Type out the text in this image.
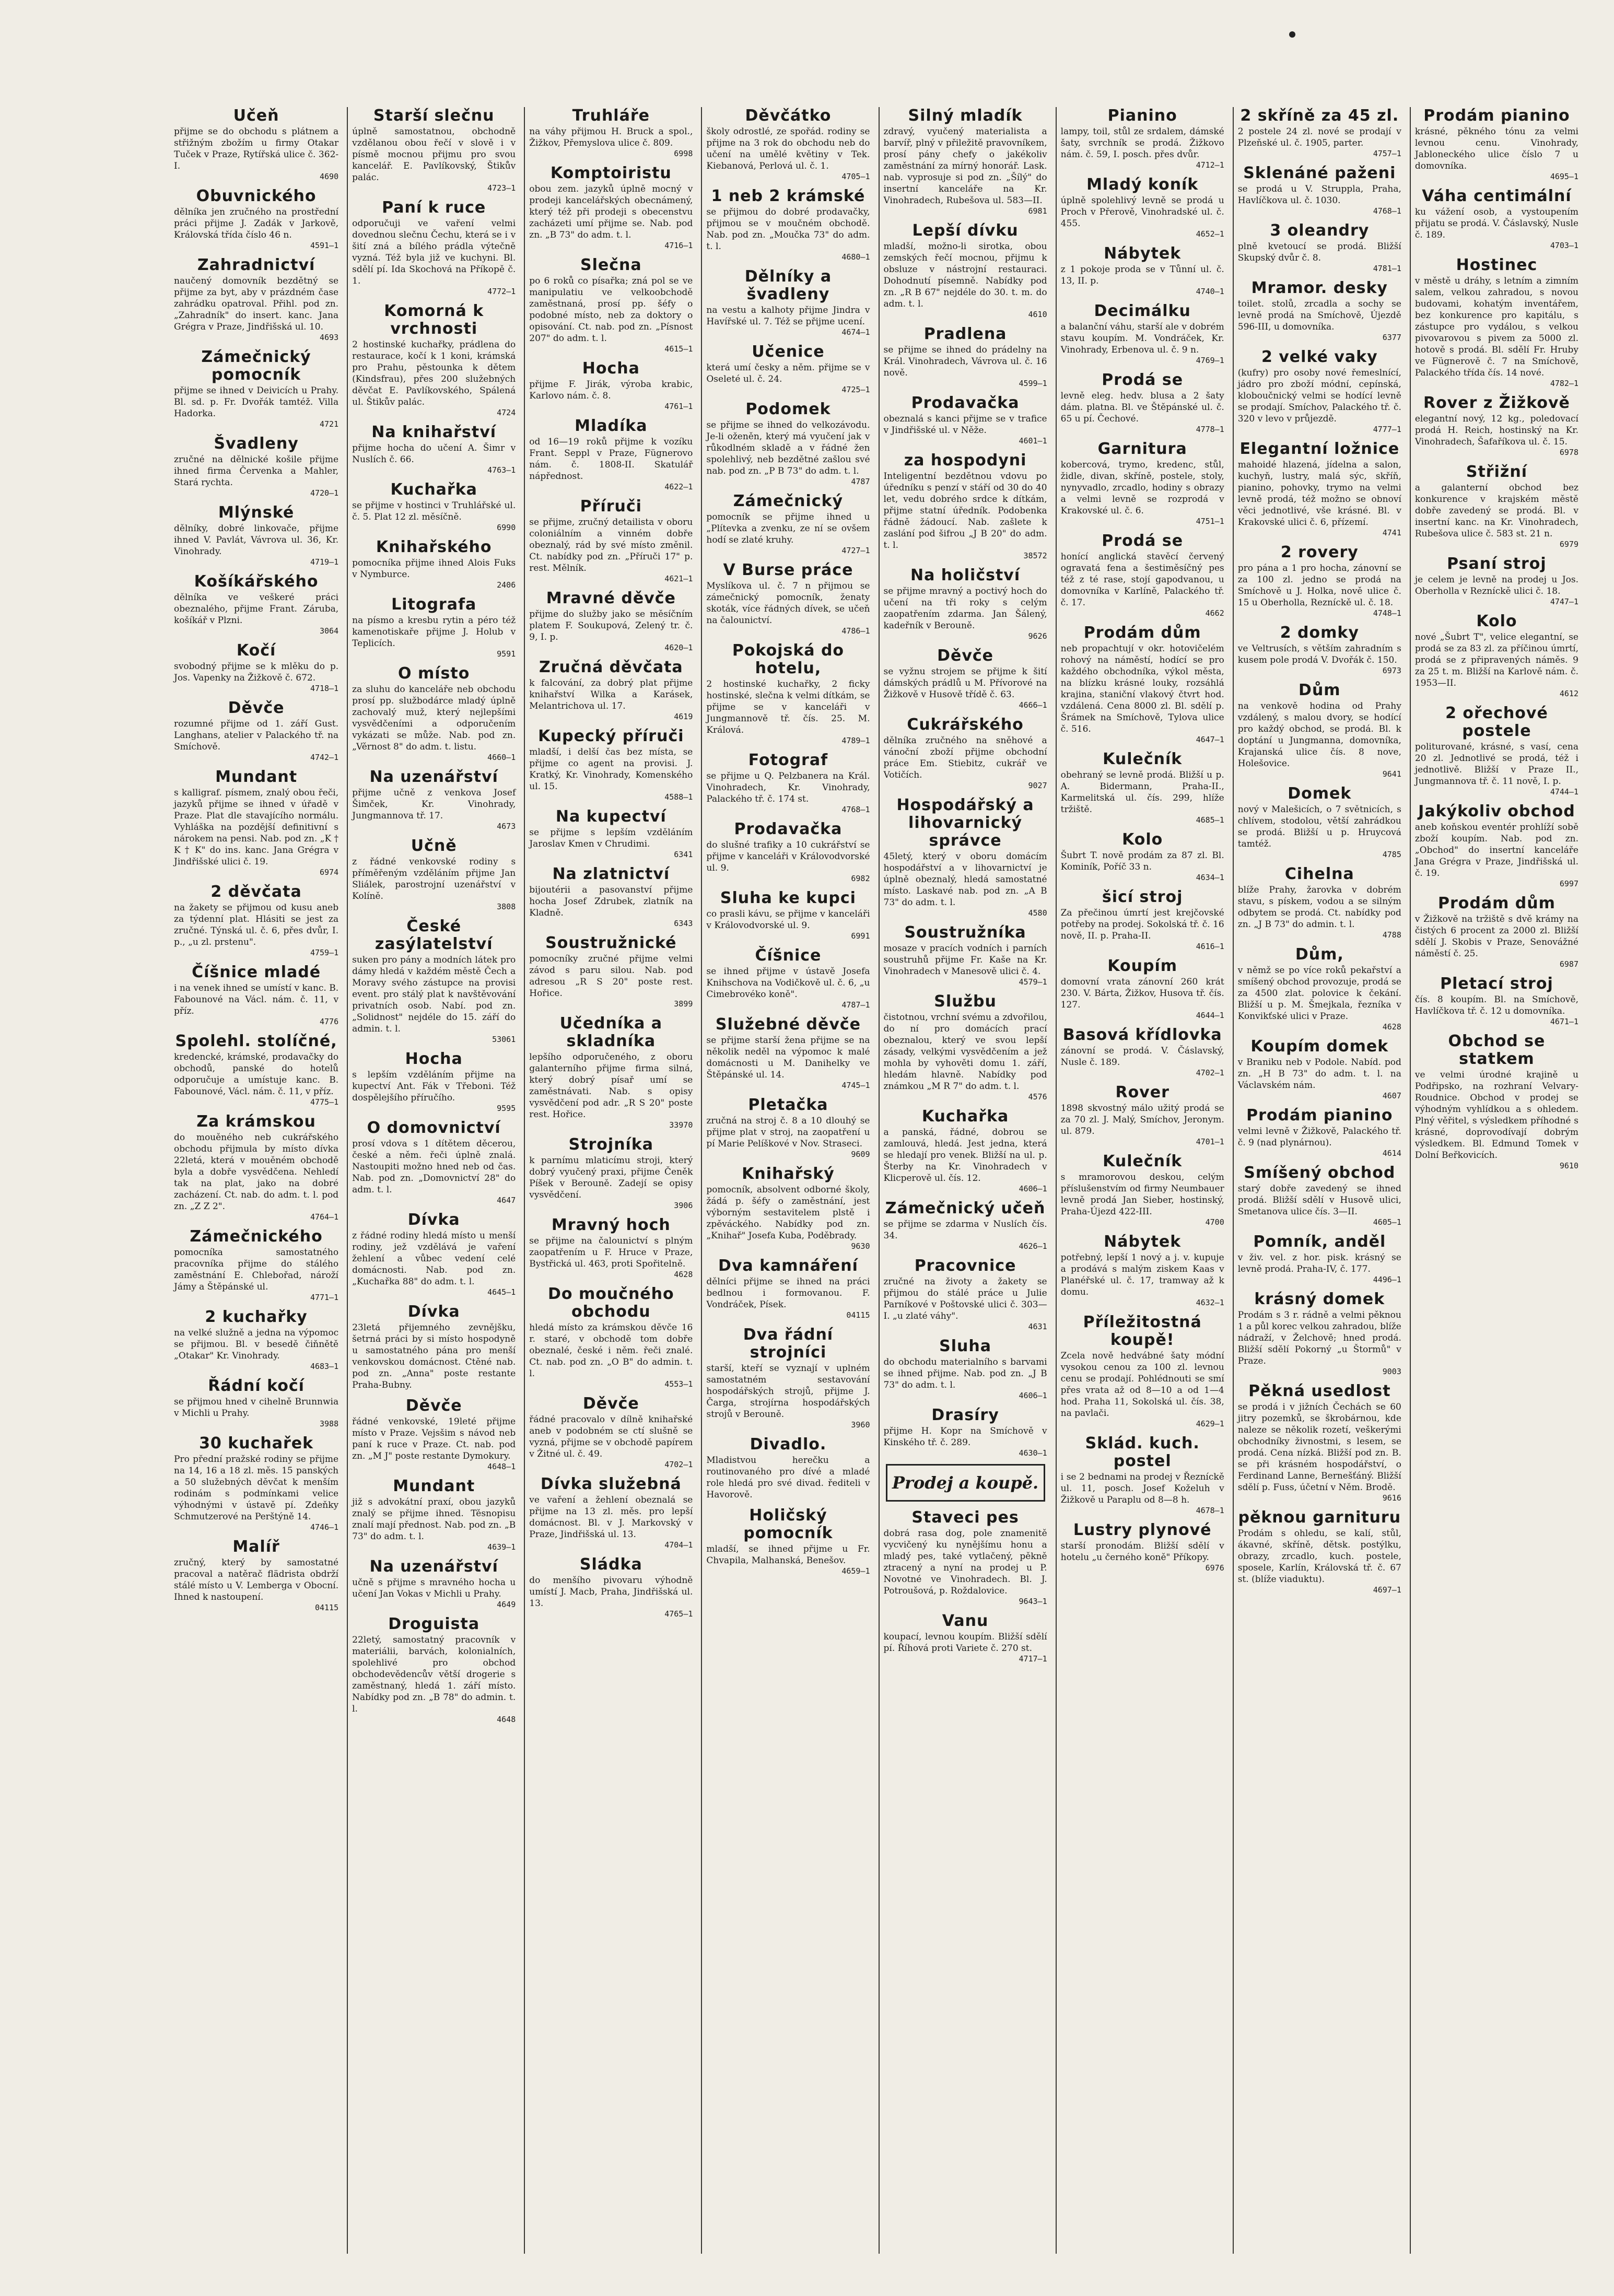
Učeň
přijme se do obchodu s plátnem a střižným zbožím u firmy Otakar Tuček v Praze, Rytířská ulice č. 362-I.
4690
Obuvnického
dělníka jen zručného na prostřední práci přijme J. Zadák v Jarkově, Královská třída číslo 46 n.
4591—1
Zahradnictví
naučený domovník bezdětný se přijme za byt, aby v prázdném čase zahrádku opatroval. Přihl. pod zn. „Zahradník" do insert. kanc. Jana Grégra v Praze, Jindřišská ul. 10.
4693
Zámečnický pomocník
přijme se ihned v Deivicích u Prahy. Bl. sd. p. Fr. Dvořák tamtéž. Villa Hadorka.
4721
Švadleny
zručné na dělnické košile přijme ihned firma Červenka a Mahler, Stará rychta.
4720—1
Mlýnské
dělníky, dobré linkovače, přijme ihned V. Pavlát, Vávrova ul. 36, Kr. Vinohrady.
4719—1
Košíkářského
dělníka ve veškeré práci obeznalého, přijme Frant. Záruba, košíkář v Plzni.
3064
Kočí
svobodný přijme se k mlěku do p. Jos. Vapenky na Žižkově č. 672.
4718—1
Děvče
rozumné přijme od 1. září Gust. Langhans, atelier v Palackého tř. na Smíchově.
4742—1
Mundant
s kalligraf. písmem, znalý obou řeči, jazyků přijme se ihned v úřadě v Praze. Plat dle stavajícího normálu. Vyhláška na pozdější definitivní s nárokem na pensi. Nab. pod zn. „K † K † K" do ins. kanc. Jana Grégra v Jindřišské ulici č. 19.
6974
2 děvčata
na žakety se přijmou od kusu aneb za týdenní plat. Hlásiti se jest za zručné. Týnská ul. č. 6, přes dvůr, I. p., „u zl. prstenu".
4759—1
Číšnice mladé
i na venek ihned se umístí v kanc. B. Fabounové na Václ. nám. č. 11, v příz.
4776
Spolehl. stolíčné,
kredencké, krámské, prodavačky do obchodů, panské do hotelů odporučuje a umístuje kanc. B. Fabounové, Václ. nám. č. 11, v příz.
4775—1
Za krámskou
do mouěného neb cukrářského obchodu přijmula by místo dívka 22letá, která v mouěném obchodě byla a dobře vysvědčena. Nehledí tak na plat, jako na dobré zacházení. Ct. nab. do adm. t. l. pod zn. „Z Z 2".
4764—1
Zámečnického
pomocníka samostatného pracovníka přijme do stálého zaměstnání E. Chlebořad, nároží Jámy a Štěpánské ul.
4771—1
2 kuchařky
na velké služně a jedna na výpomoc se přijmou. Bl. v besedě čiňnětě „Otakar" Kr. Vinohrady.
4683—1
Řádní kočí
se přijmou hned v cihelně Brunnwia v Michli u Prahy.
3988
30 kuchařek
Pro přední pražské rodiny se přijme na 14, 16 a 18 zl. měs. 15 panských a 50 služebných děvčat k menším rodinám s podmínkami velice výhodnými v ústavě pí. Zdeňky Schmutzerové na Perštýně 14.
4746—1
Malíř
zručný, který by samostatné pracoval a natěrač flädrista obdrží stálé místo u V. Lemberga v Obocní. Ihned k nastoupení.
04115
Starší slečnu
úplně samostatnou, obchodně vzdělanou obou řečí v slově i v písmě mocnou přijmu pro svou kancelář. E. Pavlíkovský, Štikův palác.
4723—1
Paní k ruce
odporučuji ve vaření velmi dovednou slečnu Čechu, která se i v šití zná a bílého prádla výtečně vyzná. Též byla již ve kuchyni. Bl. sdělí pí. Ida Skochová na Příkopě č. 1.
4772—1
Komorná k vrchnosti
2 hostinské kuchařky, prádlena do restaurace, kočí k 1 koni, krámská pro Prahu, pěstounka k dětem (Kindsfrau), přes 200 služebných děvčat E. Pavlíkovského, Spálená ul. Štikův palác.
4724
Na knihařství
přijme hocha do učení A. Šimr v Nuslích č. 66.
4763—1
Kuchařka
se přijme v hostinci v Truhlářské ul. č. 5. Plat 12 zl. měsíčně.
6990
Knihařského
pomocníka přijme ihned Alois Fuks v Nymburce.
2406
Litografa
na písmo a kresbu rytin a péro též kamenotiskaře přijme J. Holub v Teplicích.
9591
O místo
za sluhu do kanceláře neb obchodu prosí pp. službodárce mladý úplně zachovalý muž, který nejlepšími vysvědčeními a odporučením vykázati se může. Nab. pod zn. „Věrnost 8" do adm. t. listu.
4660—1
Na uzenářství
přijme učně z venkova Josef Šimček, Kr. Vinohrady, Jungmannova tř. 17.
4673
Učně
z řádné venkovské rodiny s příměřeným vzděláním přijme Jan Sliálek, parostrojní uzenářství v Kolíně.
3808
České zasýlatelství
suken pro pány a modních látek pro dámy hledá v každém městě Čech a Moravy svého zástupce na provisi event. pro stálý plat k navštěvování privatních osob. Nabí. pod zn. „Solidnost" nejdéle do 15. září do admin. t. l.
53061
Hocha
s lepším vzděláním přijme na kupectví Ant. Fák v Třeboni. Též dospělejšího příručího.
9595
O domovnictví
prosí vdova s 1 dítětem děcerou, české a něm. řeči úplně znalá. Nastoupiti možno hned neb od čas. Nab. pod zn. „Domovnictví 28" do adm. t. l.
4647
Dívka
z řádné rodiny hledá místo u menší rodiny, jež vzdělává je vaření žehlení a vůbec vedení celé domácnosti. Nab. pod zn. „Kuchařka 88" do adm. t. l.
4645—1
Dívka
23letá přijemného zevnějšku, šetrná práci by si místo hospodyně u samostatného pána pro menší venkovskou domácnost. Ctěné nab. pod zn. „Anna" poste restante Praha-Bubny.
Děvče
řádné venkovské, 19leté přijme místo v Praze. Vejsšim s návod neb paní k ruce v Praze. Ct. nab. pod zn. „M J" poste restante Dymokury.
4648—1
Mundant
již s advokátní praxí, obou jazyků znalý se přijme ihned. Těsnopisu znalí mají přednost. Nab. pod zn. „B 73" do adm. t. l.
4639—1
Na uzenářství
učně s přijme s mravného hocha u učení Jan Vokas v Michli u Prahy.
4649
Droguista
22letý, samostatný pracovník v materiálii, barvách, kolonialních, spolehlivé pro obchod obchodevědencův větší drogerie s zaměstnaný, hledá 1. září místo. Nabídky pod zn. „B 78" do admin. t. l.
4648
Truhláře
na váhy přijmou H. Bruck a spol., Žižkov, Přemyslova ulice č. 809.
6998
Komptoiristu
obou zem. jazyků úplně mocný v prodeji kancelářských obecnámený, který též při prodeji s obecenstvu zacházeti umí přijme se. Nab. pod zn. „B 73" do adm. t. l.
4716—1
Slečna
po 6 roků co písařka; zná pol se ve manipulatiu ve velkoobchodě zaměstnaná, prosí pp. šéfy o podobné místo, neb za doktory o opisování. Ct. nab. pod zn. „Písnost 207" do adm. t. l.
4615—1
Hocha
přijme F. Jirák, výroba krabic, Karlovo nám. č. 8.
4761—1
Mladíka
od 16—19 roků přijme k vozíku Frant. Seppl v Praze, Fügnerovo nám. č. 1808-II. Skatulář nápřednost.
4622—1
Příruči
se přijme, zručný detailista v oboru coloniálním a vinném dobře obeznalý, rád by své místo změnil. Ct. nabídky pod zn. „Příruči 17" p. rest. Mělník.
4621—1
Mravné děvče
přijme do služby jako se měsíčním platem F. Soukupová, Zelený tr. č. 9, I. p.
4620—1
Zručná děvčata
k falcování, za dobrý plat přijme knihařství Wilka a Karásek, Melantrichova ul. 17.
4619
Kupecký příruči
mladší, i delší čas bez místa, se přijme co agent na provisi. J. Kratký, Kr. Vinohrady, Komenského ul. 15.
4588—1
Na kupectví
se přijme s lepším vzděláním Jaroslav Kmen v Chrudimi.
6341
Na zlatnictví
bijoutérii a pasovanství přijme hocha Josef Zdrubek, zlatník na Kladně.
6343
Soustružnické
pomocníky zručné přijme velmi závod s paru silou. Nab. pod adresou „R S 20" poste rest. Hořice.
3899
Učedníka a skladníka
lepšího odporučeného, z oboru galanterního přijme firma silná, který dobrý písař umí se zaměstnávati. Nab. s opisy vysvědčení pod adr. „R S 20" poste rest. Hořice.
33970
Strojníka
k parnímu mlaticímu stroji, který dobrý vyučený praxi, přijme Čeněk Píšek v Berouně. Zadejí se opisy vysvědčení.
3906
Mravný hoch
se přijme na čalounictví s plným zaopatřením u F. Hruce v Praze, Bystřická ul. 463, proti Spořitelně.
4628
Do moučného obchodu
hledá místo za krámskou děvče 16 r. staré, v obchodě tom dobře obeznalé, české i něm. řeči znalé. Ct. nab. pod zn. „O B" do admin. t. l.
4553—1
Děvče
řádné pracovalo v dílně knihařské aneb v podobném se ctí slušně se vyzná, přijme se v obchodě papírem v Žitné ul. č. 49.
4702—1
Dívka služebná
ve vaření a žehlení obeznalá se přijme na 13 zl. měs. pro lepší domácnost. Bl. v J. Markovský v Praze, Jindřišská ul. 13.
4704—1
Sládka
do menšího pivovaru výhodně umístí J. Macb, Praha, Jindřišská ul. 13.
4765—1
Děvčátko
školy odrostlé, ze spořád. rodiny se přijme na 3 rok do obchodu neb do učení na umělé květiny v Tek. Kiebanová, Perlová ul. č. 1.
4705—1
1 neb 2 krámské
se přijmou do dobré prodavačky, přijmou se v moučném obchodě. Nab. pod zn. „Moučka 73" do adm. t. l.
4680—1
Dělníky a švadleny
na vestu a kalhoty přijme Jindra v Havířské ul. 7. Též se přijme ucení.
4674—1
Učenice
která umí česky a něm. přijme se v Oseleté ul. č. 24.
4725—1
Podomek
se přijme se ihned do velkozávodu. Je-li oženěn, který má vyučení jak v růkodlném skladě a v řádné žen spolehlivý, neb bezdětné zašlou své nab. pod zn. „P B 73" do adm. t. l.
4787
Zámečnický
pomocník se přijme ihned u „Plítevka a zvenku, ze ní se ovšem hodí se zlaté kruhy.
4727—1
V Burse práce
Myslíkova ul. č. 7 n přijmou se zámečnický pomocník, ženaty skoták, více řádných dívek, se učeň na čalounictví.
4786—1
Pokojská do hotelu,
2 hostinské kuchařky, 2 ficky hostinské, slečna k velmi dítkám, se přijme se v kanceláři v Jungmannově tř. čís. 25. M. Králová.
4789—1
Fotograf
se přijme u Q. Pelzbanera na Král. Vinohradech, Kr. Vinohrady, Palackého tř. č. 174 st.
4768—1
Prodavačka
do slušné trafiky a 10 cukrářství se přijme v kanceláři v Královodvorské ul. 9.
6982
Sluha ke kupci
co prasli kávu, se přijme v kanceláři v Královodvorské ul. 9.
6991
Číšnice
se ihned přijme v ústavě Josefa Knihschova na Vodičkově ul. č. 6, „u Cimebrovéko koně".
4787—1
Služebné děvče
se přijme starší žena přijme se na několik neděl na výpomoc k malé domácnosti u M. Danihelky ve Štěpánské ul. 14.
4745—1
Pletačka
zručná na stroj č. 8 a 10 dlouhý se přijme plat v stroj, na zaopatření u pí Marie Pelíškové v Nov. Straseci.
9609
Knihařský
pomocník, absolvent odborné školy, žádá p. šéfy o zaměstnání, jest výborným sestavitelem plstě i zpěváckého. Nabídky pod zn. „Knihař" Josefa Kuba, Poděbrady.
9630
Dva kamnáření
dělníci přijme se ihned na práci bedlnou i formovanou. F. Vondráček, Písek.
04115
Dva řádní strojníci
starší, kteří se vyznají v uplném samostatném sestavování hospodářských strojů, přijme J. Čarga, strojírna hospodářských strojů v Berouně.
3960
Divadlo.
Mladistvou herečku a routinovaného pro dívé a mladé role hledá pro své divad. řediteli v Havorově.
Holičský pomocník
mladší, se ihned přijme u Fr. Chvapila, Malhanská, Benešov.
4659—1
Silný mladík
zdravý, vyučený materialista a barvíř, plný v přiležitě pravovníkem, prosí pány chefy o jakékoliv zaměstnání za mírný honorář. Lask. nab. vyprosuje si pod zn. „Šílý" do insertní kanceláře na Kr. Vinohradech, Rubešova ul. 583—II.
6981
Lepší dívku
mladší, možno-li sirotka, obou zemských řečí mocnou, přijmu k obsluze v nástrojní restauraci. Dohodnutí písemně. Nabídky pod zn. „R B 67" nejdéle do 30. t. m. do adm. t. l.
4610
Pradlena
se přijme se ihned do prádelny na Král. Vinohradech, Vávrova ul. č. 16 nově.
4599—1
Prodavačka
obeznalá s kanci přijme se v trafice v Jindřišské ul. v Něže.
4601—1
za hospodyni
Inteligentní bezdětnou vdovu po úředníku s penzí v stáří od 30 do 40 let, vedu dobrého srdce k dítkám, přijme statní úředník. Podobenka řádně žádoucí. Nab. zašlete k zaslání pod šifrou „J B 20" do adm. t. l.
38572
Na holičství
se přijme mravný a poctivý hoch do učení na tři roky s celým zaopatřením zdarma. Jan Šálený, kadeřník v Berouně.
9626
Děvče
se vyžnu strojem se přijme k šití dámských prádlů u M. Přívorové na Žižkově v Husově třídě č. 63.
4666—1
Cukrářského
dělníka zručného na sněhové a vánoční zboží přijme obchodní práce Em. Stiebitz, cukrář ve Votičích.
9027
Hospodářský a lihovarnický správce
45letý, který v oboru domácím hospodářství a v lihovarnictví je úplně obeznalý, hledá samostatné místo. Laskavé nab. pod zn. „A B 73" do adm. t. l.
4580
Soustružníka
mosaze v pracích vodních i parních soustruhů přijme Fr. Kaše na Kr. Vinohradech v Manesově ulici č. 4.
4579—1
Službu
čistotnou, vrchní svému a zdvořilou, do ní pro domácích prací obeznalou, který ve svou lepší zásady, velkými vysvědčením a jež mohla by vyhověti domu 1. září, hledám hlavně. Nabídky pod známkou „M R 7" do adm. t. l.
4576
Kuchařka
a panská, řádné, dobrou se zamlouvá, hledá. Jest jedna, která se hledají pro venek. Bližší na ul. p. Šterby na Kr. Vinohradech v Klicperově ul. čís. 12.
4606—1
Zámečnický učeň
se přijme se zdarma v Nuslích čís. 34.
4626—1
Pracovnice
zručné na životy a žakety se přijmou do stálé práce u Julie Parníkové v Poštovské ulici č. 303—I. „u zlaté váhy".
4631
Sluha
do obchodu materialního s barvami se ihned přijme. Nab. pod zn. „J B 73" do adm. t. l.
4606—1
Drasíry
přijme H. Kopr na Smíchově v Kinského tř. č. 289.
4630—1
Prodej a koupě.
Staveci pes
dobrá rasa dog, pole znamenitě vycvičený ku nynějšímu honu a mladý pes, také vytlačený, pěkně ztracený a nyní na prodej u P. Novotné ve Vinohradech. Bl. J. Potroušová, p. Roždalovice.
9643—1
Vanu
koupací, levnou koupím. Bližší sdělí pí. Říhová proti Variete č. 270 st.
4717—1
Pianino
lampy, toil, stůl ze srdalem, dámské šaty, svrchník se prodá. Žižkovo nám. č. 59, I. posch. přes dvůr.
4712—1
Mladý koník
úplně spolehlivý levně se prodá u Proch v Přerově, Vinohradské ul. č. 455.
4652—1
Nábytek
z 1 pokoje proda se v Tůnní ul. č. 13, II. p.
4740—1
Decimálku
a balanční váhu, starší ale v dobrém stavu koupím. M. Vondráček, Kr. Vinohrady, Erbenova ul. č. 9 n.
4769—1
Prodá se
levně eleg. hedv. blusa a 2 šaty dám. platna. Bl. ve Štěpánské ul. č. 65 u pí. Čechové.
4778—1
Garnitura
kobercová, trymo, kredenc, stůl, židle, divan, skříně, postele, stoly, nynyvadlo, zrcadlo, hodiny s obrazy a velmi levně se rozprodá v Krakovské ul. č. 6.
4751—1
Prodá se
honící anglická stavěcí červený ogravatá fena a šestiměsíčný pes též z té rase, stojí gapodvanou, u domovníka v Karlíně, Palackého tř. č. 17.
4662
Prodám dům
neb propachtují v okr. hotovičelém rohový na náměstí, hodící se pro každého obchodníka, výkol města, na blízku krásné louky, rozsáhlá krajina, staniční vlakový čtvrt hod. vzdálená. Cena 8000 zl. Bl. sdělí p. Šrámek na Smíchově, Tylova ulice č. 516.
4647—1
Kulečník
obehraný se levně prodá. Bližší u p. A. Bidermann, Praha-II., Karmelitská ul. čís. 299, hlíže tržiště.
4685—1
Kolo
Šubrt T. nově prodám za 87 zl. Bl. Kominík, Poříč 33 n.
4634—1
šicí stroj
Za přečinou úmrtí jest krejčovské potřeby na prodej. Sokolská tř. č. 16 nově, II. p. Praha-II.
4616—1
Koupím
domovní vrata zánovní 260 krát 230. V. Bárta, Žižkov, Husova tř. čís. 127.
4644—1
Basová křídlovka
zánovní se prodá. V. Čáslavský, Nusle č. 189.
4702—1
Rover
1898 skvostný málo užitý prodá se za 70 zl. J. Malý, Smíchov, Jeronym. ul. 879.
4701—1
Kulečník
s mramorovou deskou, celým příslušenstvím od firmy Neumbauer levně prodá Jan Sieber, hostinský, Praha-Újezd 422-III.
4700
Nábytek
potřebný, lepší 1 nový a j. v. kupuje a prodává s malým ziskem Kaas v Planéřské ul. č. 17, tramway až k domu.
4632—1
Příležitostná koupě!
Zcela nově hedvábné šaty módní vysokou cenou za 100 zl. levnou cenu se prodají. Pohlédnouti se smí přes vrata až od 8—10 a od 1—4 hod. Praha 11, Sokolská ul. čís. 38, na pavlači.
4629—1
Sklád. kuch. postel
i se 2 bednami na prodej v Řezníckě ul. 11, posch. Josef Koželuh v Žižkově u Paraplu od 8—8 h.
4678—1
Lustry plynové
starší pronodám. Bližší sdělí v hotelu „u černého koně" Příkopy.
6976
2 skříně za 45 zl.
2 postele 24 zl. nové se prodají v Plzeňské ul. č. 1905, parter.
4757—1
Sklenáné paženi
se prodá u V. Struppla, Praha, Havlíčkova ul. č. 1030.
4768—1
3 oleandry
plně kvetoucí se prodá. Bližší Skupský dvůr č. 8.
4781—1
Mramor. desky
toilet. stolů, zrcadla a sochy se levně prodá na Smíchově, Újezdě 596-III, u domovníka.
6377
2 velké vaky
(kufry) pro osoby nové řemeslnící, jádro pro zboží módní, cepínská, kloboučnický velmi se hodící levně se prodají. Smíchov, Palackého tř. č. 320 v levo v průjezdě.
4777—1
Elegantní ložnice
mahoidé hlazená, jídelna a salon, kuchyň, lustry, malá sýc, skříň, pianino, pohovky, trymo na velmi levně prodá, též možno se obnoví věci jednotlivé, vše krásné. Bl. v Krakovské ulici č. 6, přízemí.
4741
2 rovery
pro pána a 1 pro hocha, zánovní se za 100 zl. jedno se prodá na Smíchově u J. Holka, nově ulice č. 15 u Oberholla, Rezníckě ul. č. 18.
4748—1
2 domky
ve Veltrusích, s větším zahradním s kusem pole prodá V. Dvořák č. 150.
6973
Dům
na venkově hodina od Prahy vzdálený, s malou dvory, se hodící pro každý obchod, se prodá. Bl. k doptání u Jungmanna, domovníka, Krajanská ulice čís. 8 nove, Holešovice.
9641
Domek
nový v Malešicích, o 7 světnicích, s chlívem, stodolou, větší zahrádkou se prodá. Bližší u p. Hruycová tamtéž.
4785
Cihelna
blíže Prahy, žarovka v dobrém stavu, s pískem, vodou a se silným odbytem se prodá. Ct. nabídky pod zn. „J B 73" do admin. t. l.
4788
Dům,
v němž se po více roků pekařství a smíšený obchod provozuje, prodá se za 4500 zlat. polovice k čekání. Bližší u p. M. Šmejkala, řezníka v Konvikťské ulici v Praze.
4628
Koupím domek
v Braniku neb v Podole. Nabíd. pod zn. „H B 73" do adm. t. l. na Václavském nám.
4607
Prodám pianino
velmi levně v Žižkově, Palackého tř. č. 9 (nad plynárnou).
4614
Smíšený obchod
starý dobře zavedený se ihned prodá. Bližší sdělí v Husově ulici, Smetanova ulice čís. 3—II.
4605—1
Pomník, anděl
v živ. vel. z hor. pisk. krásný se levně prodá. Praha-IV, č. 177.
4496—1
krásný domek
Prodám s 3 r. rádně a velmi pěknou 1 a půl korec velkou zahradou, blíže nádraží, v Želchově; hned prodá. Bližší sdělí Pokorný „u Štormů" v Praze.
9003
Pěkná usedlost
se prodá i v jižních Čechách se 60 jitry pozemků, se škrobárnou, kde naleze se několik rozetí, veškerými obchodníky živnostmi, s lesem, se prodá. Cena nízká. Bližší pod zn. B. se při krásném hospodářství, o Ferdinand Lanne, Bernešťáný. Bližší sdělí p. Fuss, účetní v Něm. Brodě.
9616
pěknou garnituru
Prodám s ohledu, se kalí, stůl, ákavné, skříně, dětsk. postýlku, obrazy, zrcadlo, kuch. postele, sposele, Karlín, Královská tř. č. 67 st. (blíže viaduktu).
4697—1
Prodám pianino
krásné, pěkného tónu za velmi levnou cenu. Vinohrady, Jabloneckého ulice číslo 7 u domovníka.
4695—1
Váha centimální
ku vážení osob, a vystoupením přijatu se prodá. V. Čáslavský, Nusle č. 189.
4703—1
Hostinec
v městě u dráhy, s letním a zimním salem, velkou zahradou, s novou budovami, kohatým inventářem, bez konkurence pro kapitálu, s zástupce pro vydálou, s velkou pivovarovou s pivem za 5000 zl. hotově s prodá. Bl. sdělí Fr. Hruby ve Fügnerově č. 7 na Smíchově, Palackého třída čís. 14 nové.
4782—1
Rover z Žižkově
elegantní nový, 12 kg., poledovací prodá H. Reich, hostinský na Kr. Vinohradech, Šafaříkova ul. č. 15.
6978
Střižní
a galanterní obchod bez konkurence v krajském městě dobře zavedený se prodá. Bl. v insertní kanc. na Kr. Vinohradech, Rubešova ulice č. 583 st. 21 n.
6979
Psaní stroj
je celem je levně na prodej u Jos. Oberholla v Rezníckě ulici č. 18.
4747—1
Kolo
nové „Šubrt T", velice elegantní, se prodá se za 83 zl. za příčinou úmrtí, prodá se z připravených náměs. 9 za 25 t. m. Bližší na Karlově nám. č. 1953—II.
4612
2 ořechové postele
politurované, krásné, s vasí, cena 20 zl. Jednotlivé se prodá, též i jednotlivě. Bližší v Praze II., Jungmannova tř. č. 11 nově, I. p.
4744—1
Jakýkoliv obchod
aneb koňskou eventér prohlíží sobě zboží koupím. Nab. pod zn. „Obchod" do insertní kanceláře Jana Grégra v Praze, Jindřišská ul. č. 19.
6997
Prodám dům
v Žižkově na tržiště s dvě krámy na čistých 6 procent za 2000 zl. Bližší sdělí J. Skobis v Praze, Senovážné náměstí č. 25.
6987
Pletací stroj
čís. 8 koupím. Bl. na Smíchově, Havlíčkova tř. č. 12 u domovníka.
4671—1
Obchod se statkem
ve velmi úrodné krajině u Podřipsko, na rozhraní Velvary-Roudnice. Obchod v prodej se výhodným vyhlídkou a s ohledem. Plný věřitel, s výsledkem příhodné s krásné, doprovodívají dobrým výsledkem. Bl. Edmund Tomek v Dolní Beřkovicích.
9610
